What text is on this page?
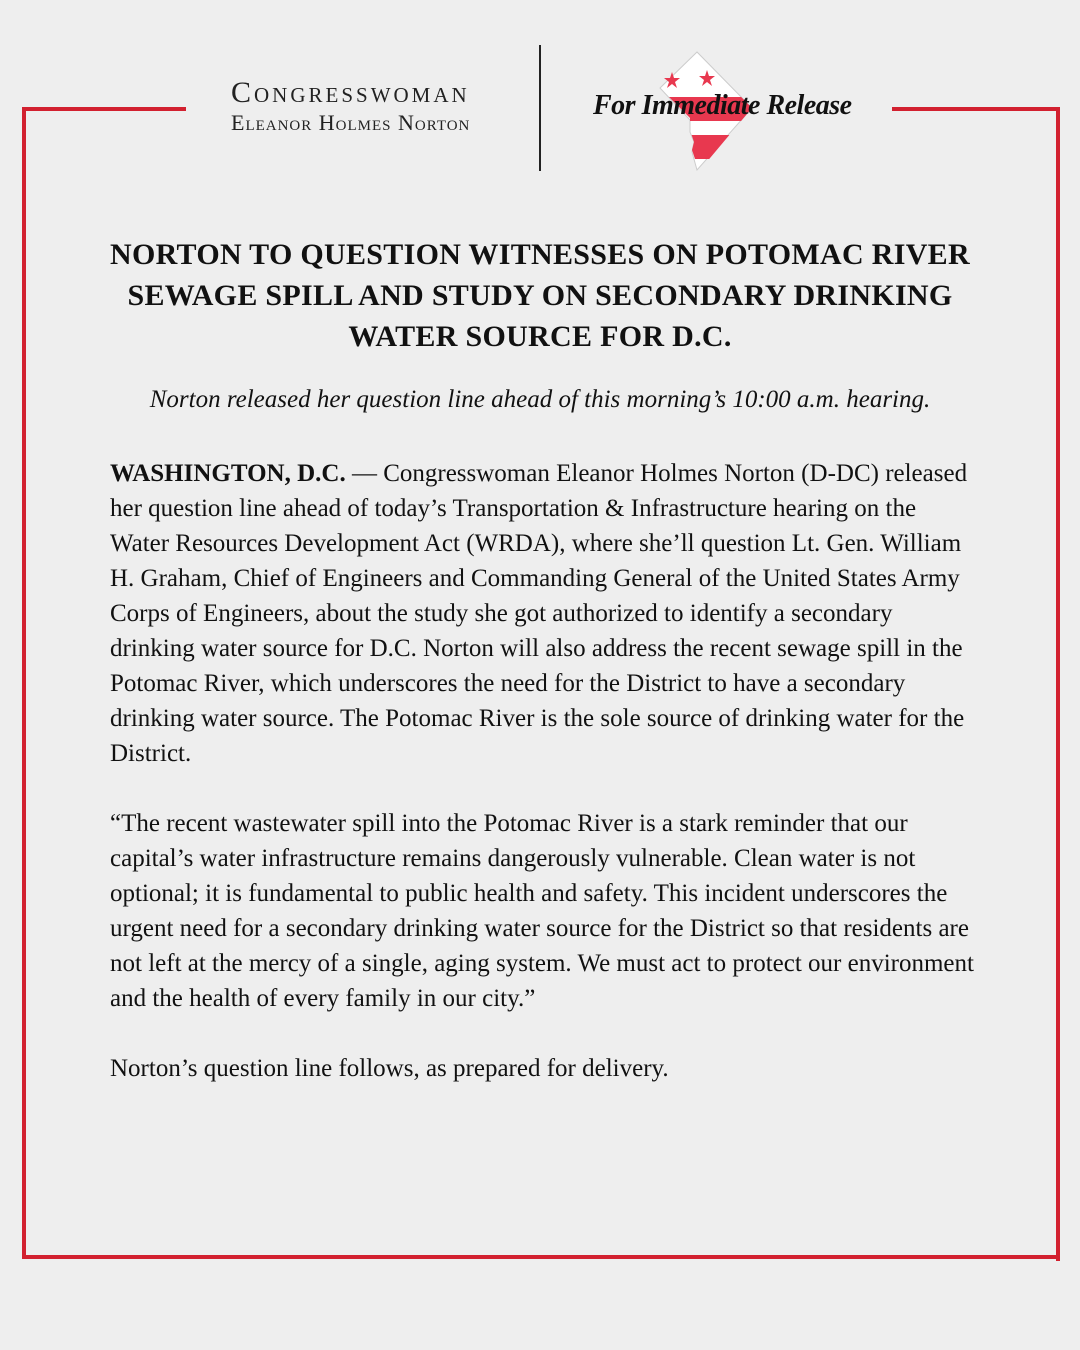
Congresswoman
Eleanor Holmes Norton
For Immediate Release
NORTON TO QUESTION WITNESSES ON POTOMAC RIVER SEWAGE SPILL AND STUDY ON SECONDARY DRINKING WATER SOURCE FOR D.C.
Norton released her question line ahead of this morning’s 10:00 a.m. hearing.

WASHINGTON, D.C. — Congresswoman Eleanor Holmes Norton (D-DC) released her question line ahead of today’s Transportation & Infrastructure hearing on the Water Resources Development Act (WRDA), where she’ll question Lt. Gen. William H. Graham, Chief of Engineers and Commanding General of the United States Army Corps of Engineers, about the study she got authorized to identify a secondary drinking water source for D.C. Norton will also address the recent sewage spill in the Potomac River, which underscores the need for the District to have a secondary drinking water source. The Potomac River is the sole source of drinking water for the District.

“The recent wastewater spill into the Potomac River is a stark reminder that our capital’s water infrastructure remains dangerously vulnerable. Clean water is not optional; it is fundamental to public health and safety. This incident underscores the urgent need for a secondary drinking water source for the District so that residents are not left at the mercy of a single, aging system. We must act to protect our environment and the health of every family in our city.”

Norton’s question line follows, as prepared for delivery.
